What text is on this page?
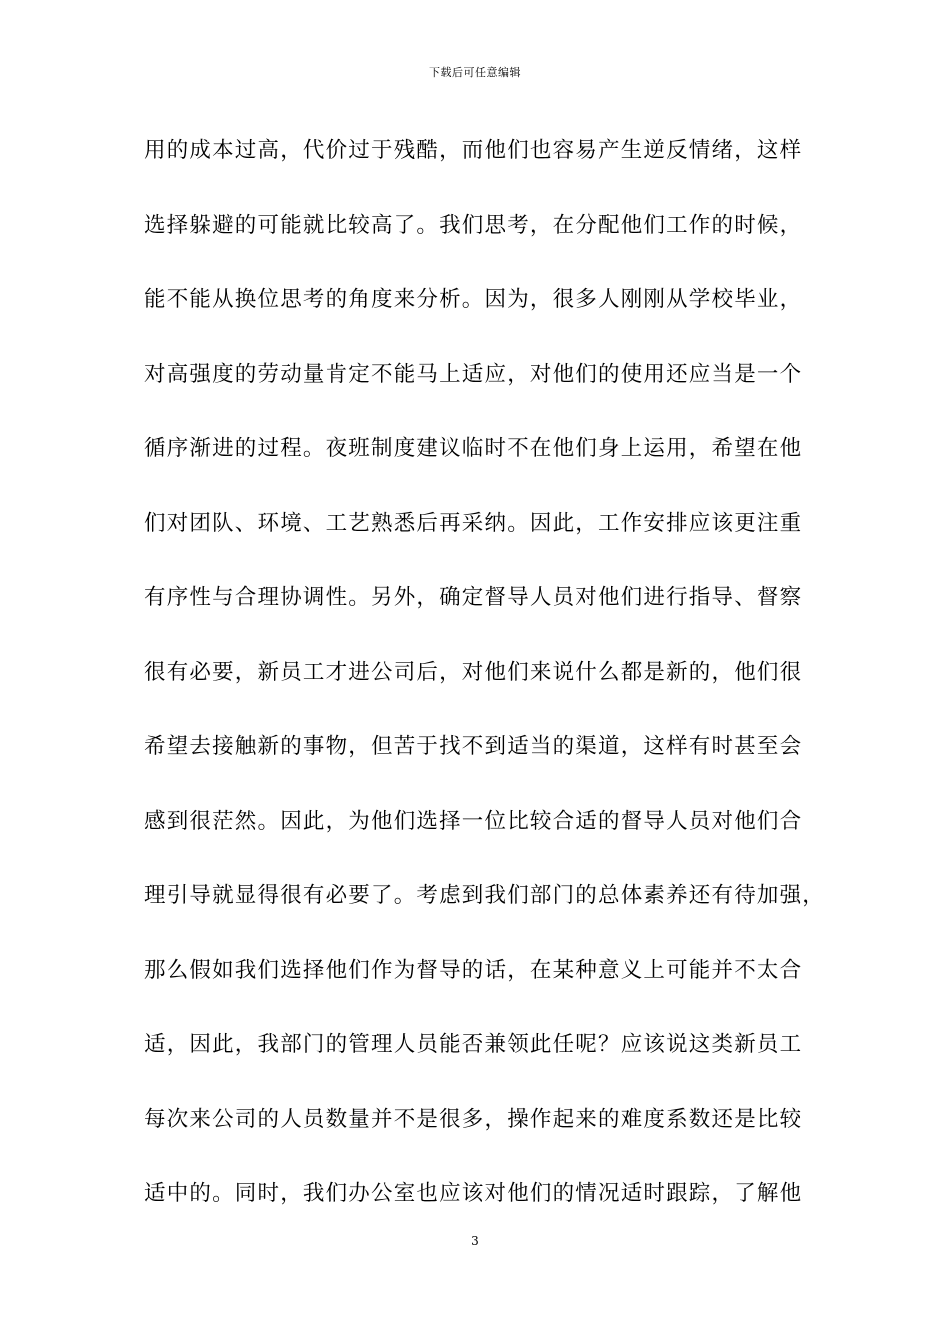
下载后可任意编辑
用的成本过高，代价过于残酷，而他们也容易产生逆反情绪，这样
选择躲避的可能就比较高了。我们思考，在分配他们工作的时候，
能不能从换位思考的角度来分析。因为，很多人刚刚从学校毕业，
对高强度的劳动量肯定不能马上适应，对他们的使用还应当是一个
循序渐进的过程。夜班制度建议临时不在他们身上运用，希望在他
们对团队、环境、工艺熟悉后再采纳。因此，工作安排应该更注重
有序性与合理协调性。另外，确定督导人员对他们进行指导、督察
很有必要，新员工才进公司后，对他们来说什么都是新的，他们很
希望去接触新的事物，但苦于找不到适当的渠道，这样有时甚至会
感到很茫然。因此，为他们选择一位比较合适的督导人员对他们合
理引导就显得很有必要了。考虑到我们部门的总体素养还有待加强，
那么假如我们选择他们作为督导的话，在某种意义上可能并不太合
适，因此，我部门的管理人员能否兼领此任呢？应该说这类新员工
每次来公司的人员数量并不是很多，操作起来的难度系数还是比较
适中的。同时，我们办公室也应该对他们的情况适时跟踪，了解他
3
